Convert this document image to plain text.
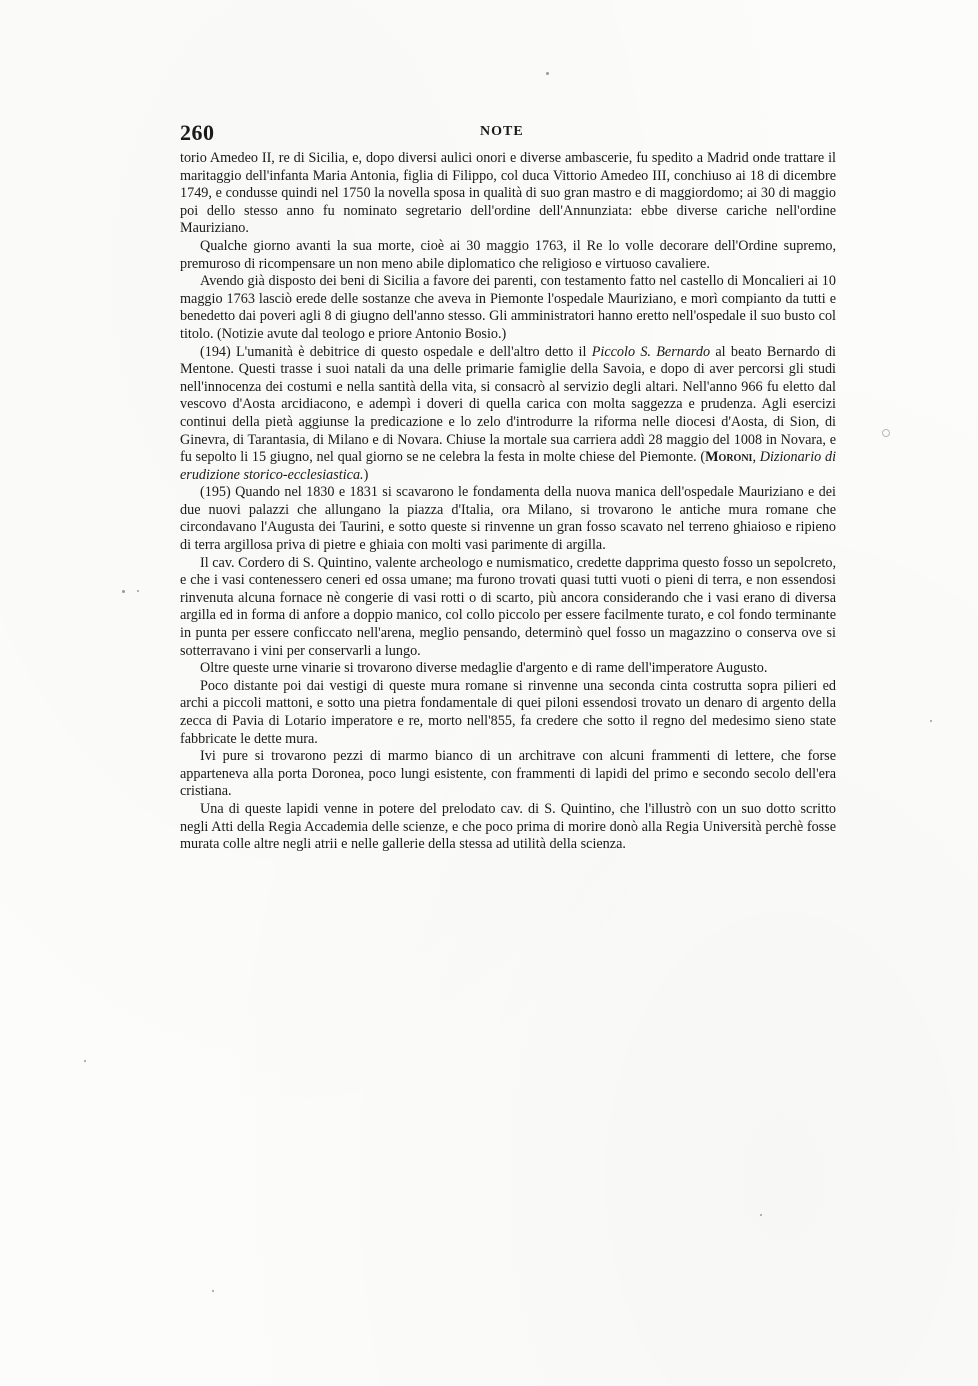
260	NOTE

torio Amedeo II, re di Sicilia, e, dopo diversi aulici onori e diverse ambascerie, fu spedito a Madrid onde trattare il maritaggio dell'infanta Maria Antonia, figlia di Filippo, col duca Vittorio Amedeo III, conchiuso ai 18 di dicembre 1749, e condusse quindi nel 1750 la novella sposa in qualità di suo gran mastro e di maggiordomo; ai 30 di maggio poi dello stesso anno fu nominato segretario dell'ordine dell'Annunziata: ebbe diverse cariche nell'ordine Mauriziano.

Qualche giorno avanti la sua morte, cioè ai 30 maggio 1763, il Re lo volle decorare dell'Ordine supremo, premuroso di ricompensare un non meno abile diplomatico che religioso e virtuoso cavaliere.

Avendo già disposto dei beni di Sicilia a favore dei parenti, con testamento fatto nel castello di Moncalieri ai 10 maggio 1763 lasciò erede delle sostanze che aveva in Piemonte l'ospedale Mauriziano, e morì compianto da tutti e benedetto dai poveri agli 8 di giugno dell'anno stesso. Gli amministratori hanno eretto nell'ospedale il suo busto col titolo. (Notizie avute dal teologo e priore Antonio Bosio.)

(194) L'umanità è debitrice di questo ospedale e dell'altro detto il Piccolo S. Bernardo al beato Bernardo di Mentone. Questi trasse i suoi natali da una delle primarie famiglie della Savoia, e dopo di aver percorsi gli studi nell'innocenza dei costumi e nella santità della vita, si consacrò al servizio degli altari. Nell'anno 966 fu eletto dal vescovo d'Aosta arcidiacono, e adempì i doveri di quella carica con molta saggezza e prudenza. Agli esercizi continui della pietà aggiunse la predicazione e lo zelo d'introdurre la riforma nelle diocesi d'Aosta, di Sion, di Ginevra, di Tarantasia, di Milano e di Novara. Chiuse la mortale sua carriera addì 28 maggio del 1008 in Novara, e fu sepolto li 15 giugno, nel qual giorno se ne celebra la festa in molte chiese del Piemonte. (Moroni, Dizionario di erudizione storico-ecclesiastica.)

(195) Quando nel 1830 e 1831 si scavarono le fondamenta della nuova manica dell'ospedale Mauriziano e dei due nuovi palazzi che allungano la piazza d'Italia, ora Milano, si trovarono le antiche mura romane che circondavano l'Augusta dei Taurini, e sotto queste si rinvenne un gran fosso scavato nel terreno ghiaioso e ripieno di terra argillosa priva di pietre e ghiaia con molti vasi parimente di argilla.

Il cav. Cordero di S. Quintino, valente archeologo e numismatico, credette dapprima questo fosso un sepolcreto, e che i vasi contenessero ceneri ed ossa umane; ma furono trovati quasi tutti vuoti o pieni di terra, e non essendosi rinvenuta alcuna fornace nè congerie di vasi rotti o di scarto, più ancora considerando che i vasi erano di diversa argilla ed in forma di anfore a doppio manico, col collo piccolo per essere facilmente turato, e col fondo terminante in punta per essere conficcato nell'arena, meglio pensando, determinò quel fosso un magazzino o conserva ove si sotterravano i vini per conservarli a lungo.

Oltre queste urne vinarie si trovarono diverse medaglie d'argento e di rame dell'imperatore Augusto.

Poco distante poi dai vestigi di queste mura romane si rinvenne una seconda cinta costrutta sopra pilieri ed archi a piccoli mattoni, e sotto una pietra fondamentale di quei piloni essendosi trovato un denaro di argento della zecca di Pavia di Lotario imperatore e re, morto nell'855, fa credere che sotto il regno del medesimo sieno state fabbricate le dette mura.

Ivi pure si trovarono pezzi di marmo bianco di un architrave con alcuni frammenti di lettere, che forse apparteneva alla porta Doronea, poco lungi esistente, con frammenti di lapidi del primo e secondo secolo dell'era cristiana.

Una di queste lapidi venne in potere del prelodato cav. di S. Quintino, che l'illustrò con un suo dotto scritto negli Atti della Regia Accademia delle scienze, e che poco prima di morire donò alla Regia Università perchè fosse murata colle altre negli atrii e nelle gallerie della stessa ad utilità della scienza.
